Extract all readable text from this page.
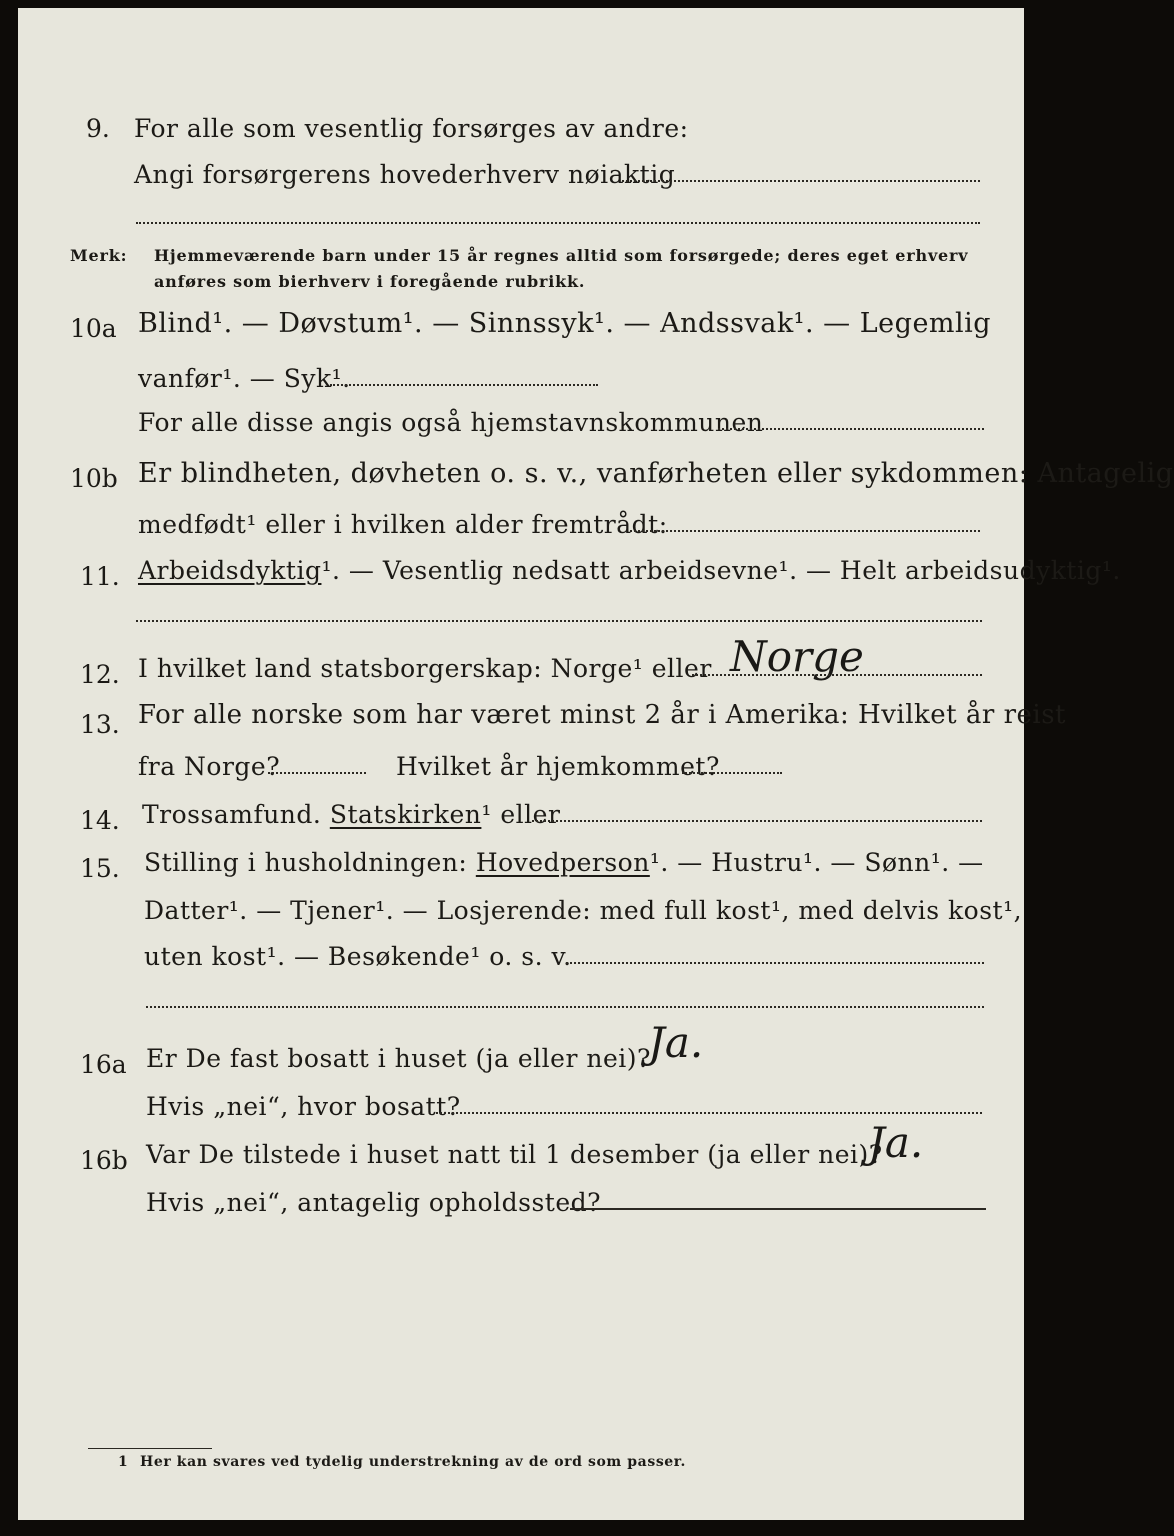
9. For alle som vesentlig forsørges av andre:
Angi forsørgerens hovederhverv nøiaktig
Merk: Hjemmeværende barn under 15 år regnes alltid som forsørgede; deres eget erhverv
anføres som bierhverv i foregående rubrikk.
10a Blind¹. — Døvstum¹. — Sinnssyk¹. — Andssvak¹. — Legemlig
vanfør¹. — Syk¹.
For alle disse angis også hjemstavnskommunen
10b Er blindheten, døvheten o. s. v., vanførheten eller sykdommen: Antagelig
medfødt¹ eller i hvilken alder fremtrådt:
11. Arbeidsdyktig¹. — Vesentlig nedsatt arbeidsevne¹. — Helt arbeidsudyktig¹.
12. I hvilket land statsborgerskap: Norge¹ eller Norge
13. For alle norske som har været minst 2 år i Amerika: Hvilket år reist
fra Norge?	Hvilket år hjemkommet?
14. Trossamfund. Statskirken¹ eller
15. Stilling i husholdningen: Hovedperson¹. — Hustru¹. — Sønn¹. —
Datter¹. — Tjener¹. — Losjerende: med full kost¹, med delvis kost¹,
uten kost¹. — Besøkende¹ o. s. v.
16a Er De fast bosatt i huset (ja eller nei)?
Ja.
Hvis „nei“, hvor bosatt?
16b Var De tilstede i huset natt til 1 desember (ja eller nei)?
Ja.
Hvis „nei“, antagelig opholdssted?
1 Her kan svares ved tydelig understrekning av de ord som passer.
